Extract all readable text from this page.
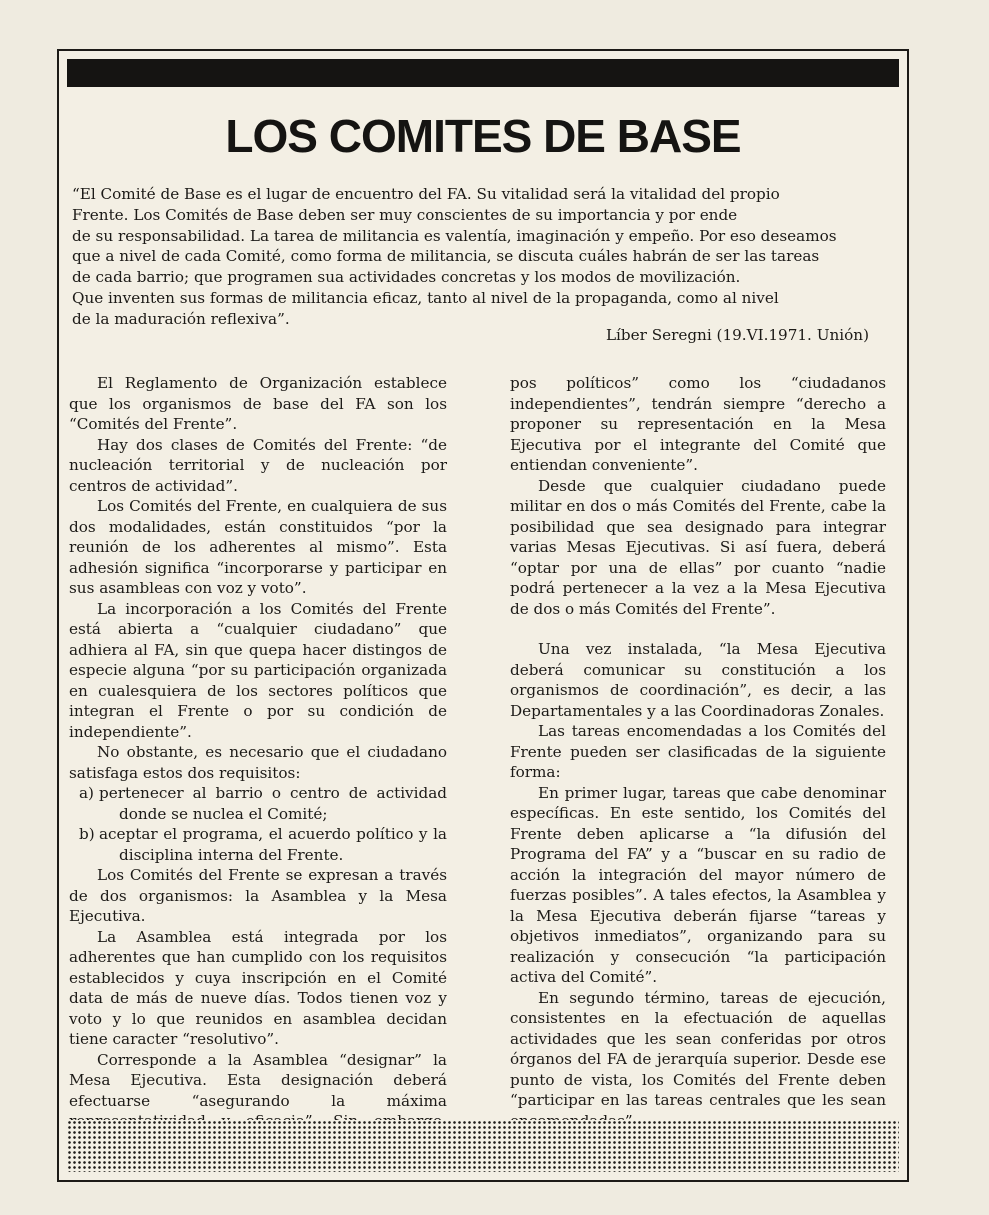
LOS COMITES DE BASE

“El Comité de Base es el lugar de encuentro del FA. Su vitalidad será la vitalidad del propio
Frente. Los Comités de Base deben ser muy conscientes de su importancia y por ende
de su responsabilidad. La tarea de militancia es valentía, imaginación y empeño. Por eso deseamos
que a nivel de cada Comité, como forma de militancia, se discuta cuáles habrán de ser las tareas
de cada barrio; que programen sua actividades concretas y los modos de movilización.
Que inventen sus formas de militancia eficaz, tanto al nivel de la propaganda, como al nivel
de la maduración reflexiva”.

Líber Seregni (19.VI.1971. Unión)

El Reglamento de Organización establece que los organismos de base del FA son los “Comités del Frente”.

Hay dos clases de Comités del Frente: “de nucleación territorial y de nucleación por centros de actividad”.

Los Comités del Frente, en cualquiera de sus dos modalidades, están constituidos “por la reunión de los adherentes al mismo”. Esta adhesión significa “incorporarse y participar en sus asambleas con voz y voto”.

La incorporación a los Comités del Frente está abierta a “cualquier ciudadano” que adhiera al FA, sin que quepa hacer distingos de especie alguna “por su participación organizada en cualesquiera de los sectores políticos que integran el Frente o por su condición de independiente”.

No obstante, es necesario que el ciudadano satisfaga estos dos requisitos:

a) pertenecer al barrio o centro de actividad donde se nuclea el Comité;
b) aceptar el programa, el acuerdo político y la disciplina interna del Frente.

Los Comités del Frente se expresan a través de dos organismos: la Asamblea y la Mesa Ejecutiva.

La Asamblea está integrada por los adherentes que han cumplido con los requisitos establecidos y cuya inscripción en el Comité data de más de nueve días. Todos tienen voz y voto y lo que reunidos en asamblea decidan tiene caracter “resolutivo”.

Corresponde a la Asamblea “designar” la Mesa Ejecutiva. Esta designación deberá efectuarse “asegurando la máxima

pos políticos” como los “ciudadanos independientes”, tendrán siempre “derecho a proponer su representación en la Mesa Ejecutiva por el integrante del Comité que entiendan conveniente”.

Desde que cualquier ciudadano puede militar en dos o más Comités del Frente, cabe la posibilidad que sea designado para integrar varias Mesas Ejecutivas. Si así fuera, deberá “optar por una de ellas” por cuanto “nadie podrá pertenecer a la vez a la Mesa Ejecutiva de dos o más Comités del Frente”.

Una vez instalada, “la Mesa Ejecutiva deberá comunicar su constitución a los organismos de coordinación”, es decir, a las Departamentales y a las Coordinadoras Zonales.

Las tareas encomendadas a los Comités del Frente pueden ser clasificadas de la siguiente forma:

En primer lugar, tareas que cabe denominar específicas. En este sentido, los Comités del Frente deben aplicarse a “la difusión del Programa del FA” y a “buscar en su radio de acción la integración del mayor número de fuerzas posibles”. A tales efectos, la Asamblea y la Mesa Ejecutiva deberán fijarse “tareas y objetivos inmediatos”, organizando para su realización y consecución “la participación activa del Comité”.

En segundo término, tareas de ejecución, consistentes en la efectuación de aquellas actividades que les sean conferidas por otros órganos del FA de jerarquía superior. Desde ese punto de vista, los Comités del Frente deben “participar en las tareas centrales que les sean
